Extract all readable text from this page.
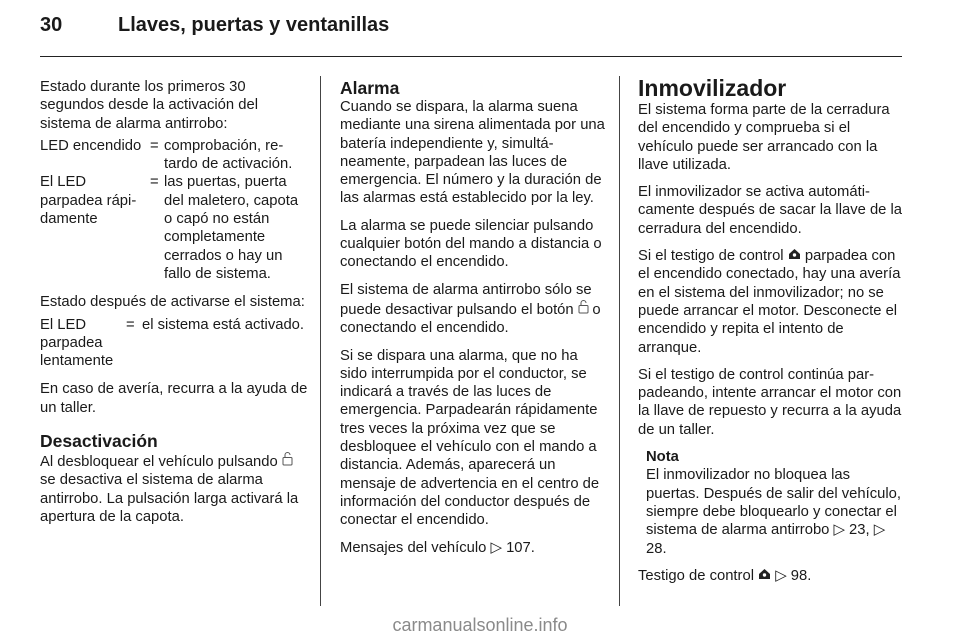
30	Llaves, puertas y ventanillas

Estado durante los primeros 30 segundos desde la activación del sistema de alarma antirrobo:

LED encendido = comprobación, retardo de activación.
El LED parpadea rápidamente
= las puertas, puerta del maletero, capota o capó no están completamente cerrados o hay un fallo de sistema.

Estado después de activarse el sistema:

El LED parpadea lentamente
= el sistema está activado.

En caso de avería, recurra a la ayuda de un taller.

Desactivación

Al desbloquear el vehículo pulsando  se desactiva el sistema de alarma antirrobo. La pulsación larga activará la apertura de la capota.

Alarma

Cuando se dispara, la alarma suena mediante una sirena alimentada por una batería independiente y, simultáneamente, parpadean las luces de emergencia. El número y la duración de las alarmas está establecido por la ley.

La alarma se puede silenciar pulsando cualquier botón del mando a distancia o conectando el encendido.

El sistema de alarma antirrobo sólo se puede desactivar pulsando el botón o conectando el encendido.

Si se dispara una alarma, que no ha sido interrumpida por el conductor, se indicará a través de las luces de emergencia. Parpadearán rápidamente tres veces la próxima vez que se desbloquee el vehículo con el mando a distancia. Además, aparecerá un mensaje de advertencia en el centro de información del conductor después de conectar el encendido.

Mensajes del vehículo ▷ 107.

Inmovilizador

El sistema forma parte de la cerradura del encendido y comprueba si el vehículo puede ser arrancado con la llave utilizada.

El inmovilizador se activa automáticamente después de sacar la llave de la cerradura del encendido.

Si el testigo de control parpadea con el encendido conectado, hay una avería en el sistema del inmovilizador; no se puede arrancar el motor. Desconecte el encendido y repita el intento de arranque.

Si el testigo de control continúa parpadeando, intente arrancar el motor con la llave de repuesto y recurra a la ayuda de un taller.

Nota

El inmovilizador no bloquea las puertas. Después de salir del vehículo, siempre debe bloquearlo y conectar el sistema de alarma antirrobo ▷ 23, ▷ 28.

Testigo de control ▷ 98.

carmanualsonline.info
